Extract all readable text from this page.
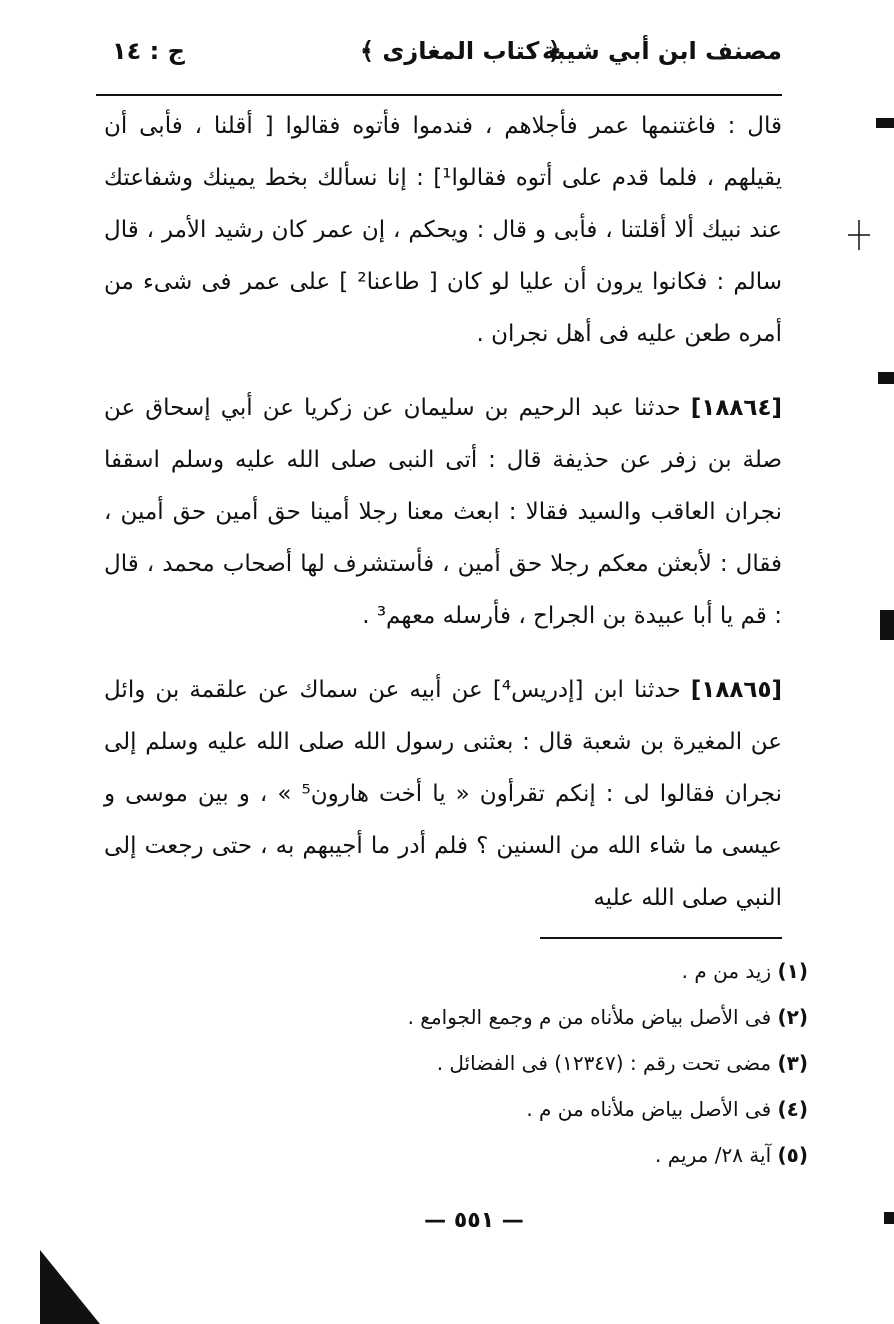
مصنف ابن أبي شيبة
﴿ كتاب المغازى ﴾
ج : ١٤

قال : فاغتنمها عمر فأجلاهم ، فندموا فأتوه فقالوا [ أقلنا ، فأبى أن يقيلهم ، فلما قدم على أتوه فقالوا¹] : إنا نسألك بخط يمينك وشفاعتك عند نبيك ألا أقلتنا ، فأبى و قال : ويحكم ، إن عمر كان رشيد الأمر ، قال سالم : فكانوا يرون أن عليا لو كان [ طاعنا² ] على عمر فى شىء من أمره طعن عليه فى أهل نجران .

[١٨٨٦٤] حدثنا عبد الرحيم بن سليمان عن زكريا عن أبي إسحاق عن صلة بن زفر عن حذيفة قال : أتى النبى صلى الله عليه وسلم اسقفا نجران العاقب والسيد فقالا : ابعث معنا رجلا أمينا حق أمين حق أمين ، فقال : لأبعثن معكم رجلا حق أمين ، فأستشرف لها أصحاب محمد ، قال : قم يا أبا عبيدة بن الجراح ، فأرسله معهم³ .

[١٨٨٦٥] حدثنا ابن [إدريس⁴] عن أبيه عن سماك عن علقمة بن وائل عن المغيرة بن شعبة قال : بعثنى رسول الله صلى الله عليه وسلم إلى نجران فقالوا لى : إنكم تقرأون « يا أخت هارون⁵ » ، و بين موسى و عيسى ما شاء الله من السنين ؟ فلم أدر ما أجيبهم به ، حتى رجعت إلى النبي صلى الله عليه

(١) زيد من م .

(٢) فى الأصل بياض ملأناه من م وجمع الجوامع .

(٣) مضى تحت رقم : (١٢٣٤٧) فى الفضائل .

(٤) فى الأصل بياض ملأناه من م .

(٥) آية ٢٨/ مريم .

— ٥٥١ —
